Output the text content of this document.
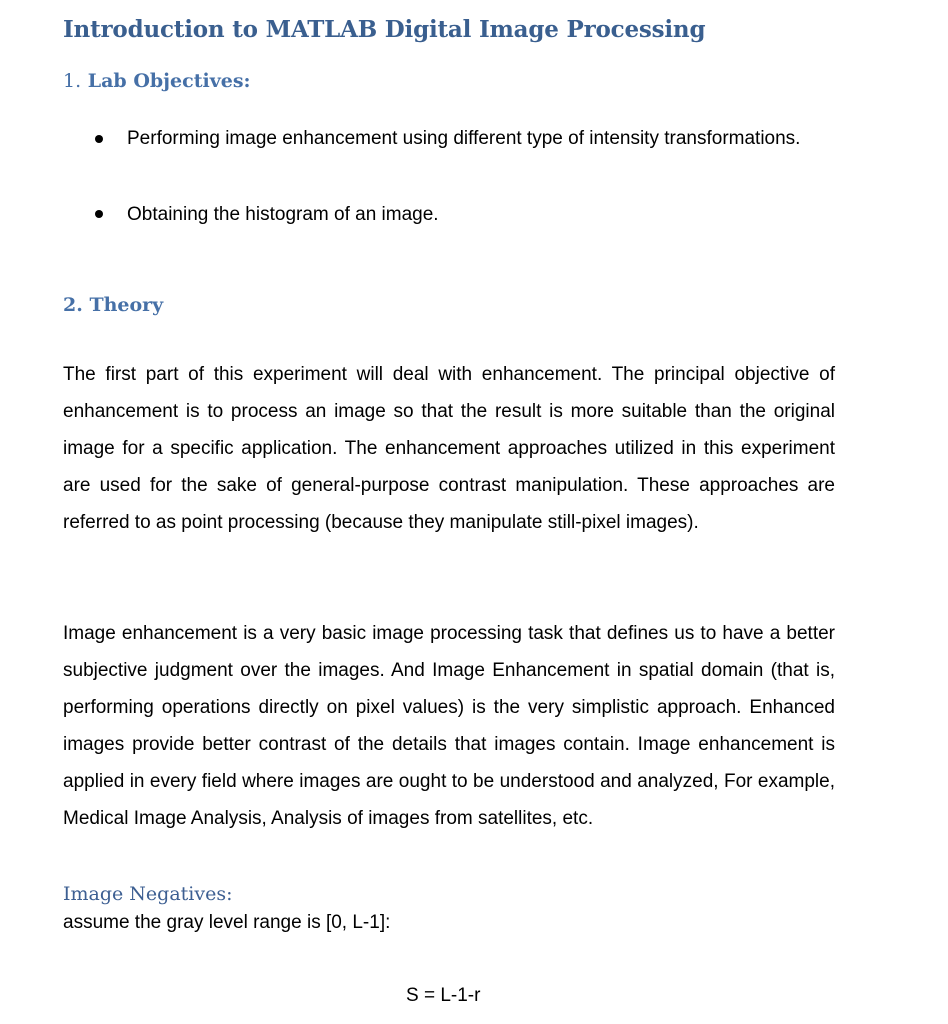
Introduction to MATLAB Digital Image Processing
1. Lab Objectives:
Performing image enhancement using different type of intensity transformations.
Obtaining the histogram of an image.
2. Theory
The first part of this experiment will deal with enhancement. The principal objective of enhancement is to process an image so that the result is more suitable than the original image for a specific application. The enhancement approaches utilized in this experiment are used for the sake of general-purpose contrast manipulation. These approaches are referred to as point processing (because they manipulate still-pixel images).
Image enhancement is a very basic image processing task that defines us to have a better subjective judgment over the images. And Image Enhancement in spatial domain (that is, performing operations directly on pixel values) is the very simplistic approach. Enhanced images provide better contrast of the details that images contain. Image enhancement is applied in every field where images are ought to be understood and analyzed, For example, Medical Image Analysis, Analysis of images from satellites, etc.
Image Negatives:
assume the gray level range is [0, L-1]:
S = L-1-r
